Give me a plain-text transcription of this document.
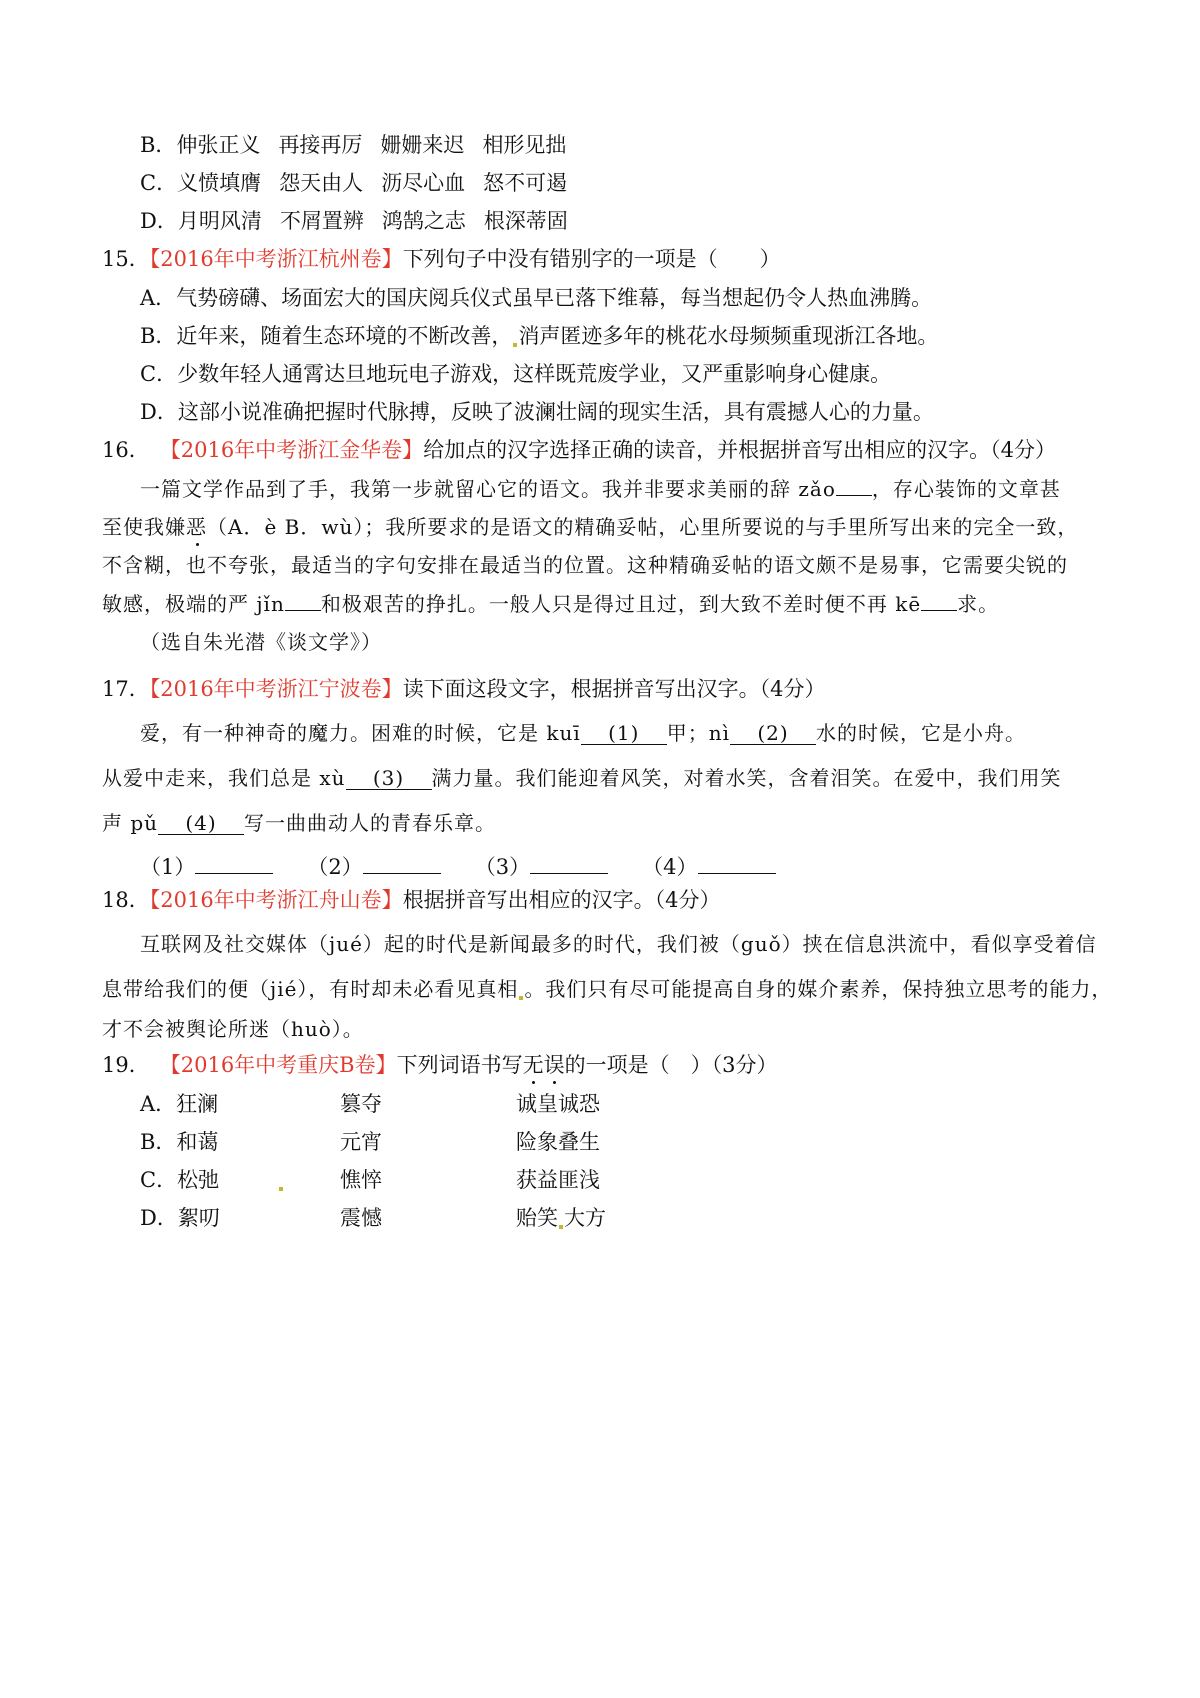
B．伸张正义 再接再厉 姗姗来迟 相形见拙
C．义愤填膺 怨天由人 沥尽心血 怒不可遏
D．月明风清 不屑置辨 鸿鹄之志 根深蒂固
15．【2016年中考浙江杭州卷】下列句子中没有错别字的一项是（　　）
A．气势磅礴、场面宏大的国庆阅兵仪式虽早已落下维幕，每当想起仍令人热血沸腾。
B．近年来，随着生态环境的不断改善， 消声匿迹多年的桃花水母频频重现浙江各地。
C．少数年轻人通霄达旦地玩电子游戏，这样既荒废学业，又严重影响身心健康。
D．这部小说准确把握时代脉搏，反映了波澜壮阔的现实生活，具有震撼人心的力量。
16． 【2016年中考浙江金华卷】给加点的汉字选择正确的读音，并根据拼音写出相应的汉字。（4分）
一篇文学作品到了手，我第一步就留心它的语文。我并非要求美丽的辞 zǎo ，存心装饰的文章甚
至使我嫌恶（A．è B．wù）；我所要求的是语文的精确妥帖，心里所要说的与手里所写出来的完全一致，
不含糊，也不夸张，最适当的字句安排在最适当的位置。这种精确妥帖的语文颇不是易事，它需要尖锐的
敏感，极端的严 jǐn 和极艰苦的挣扎。一般人只是得过且过，到大致不差时便不再 kē 求。
（选自朱光潜《谈文学》）
17．【2016年中考浙江宁波卷】读下面这段文字，根据拼音写出汉字。（4分）
爱，有一种神奇的魔力。困难的时候，它是 kuī (1) 甲；nì (2) 水的时候，它是小舟。
从爱中走来，我们总是 xù (3) 满力量。我们能迎着风笑，对着水笑，含着泪笑。在爱中，我们用笑
声 pǔ (4) 写一曲曲动人的青春乐章。
（1）	（2）	（3）	（4）
18．【2016年中考浙江舟山卷】根据拼音写出相应的汉字。（4分）
互联网及社交媒体（jué）起的时代是新闻最多的时代，我们被（guǒ）挟在信息洪流中，看似享受着信
息带给我们的便（jié），有时却未必看见真相 。我们只有尽可能提高自身的媒介素养，保持独立思考的能力，
才不会被舆论所迷（huò）。
19． 【2016年中考重庆B卷】下列词语书写无误的一项是（　）（3分）
A．狂澜	篡夺	诚皇诚恐
B．和蔼	元宵	险象叠生
C．松弛	憔悴	获益匪浅
D．絮叨	震憾	贻笑 大方
